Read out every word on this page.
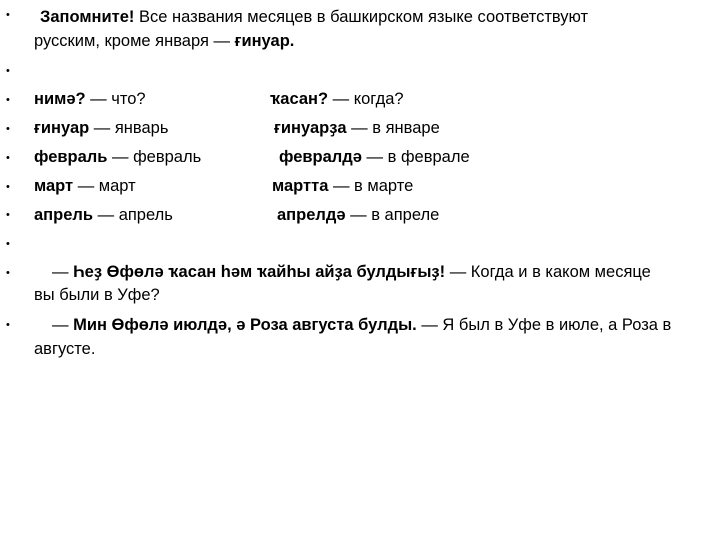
•
•
•
•
•
•
•
•
•
•
Запомните! Все названия месяцев в башкирском языке соответствуют
русским, кроме января — ғинуар.
нимә? — что?	ҡасан? — когда?
ғинуар — январь	ғинуарҙа — в январе
февраль — февраль	февралдә — в феврале
март — март	мартта — в марте
апрель — апрель	апрелдә — в апреле
— Һеҙ Өфөлә ҡасан һәм ҡайһы айҙа булдығыҙ! — Когда и в каком месяце
вы были в Уфе?
— Мин Өфөлә июлдә, ә Роза августа булды. — Я был в Уфе в июле, а Роза в
августе.
